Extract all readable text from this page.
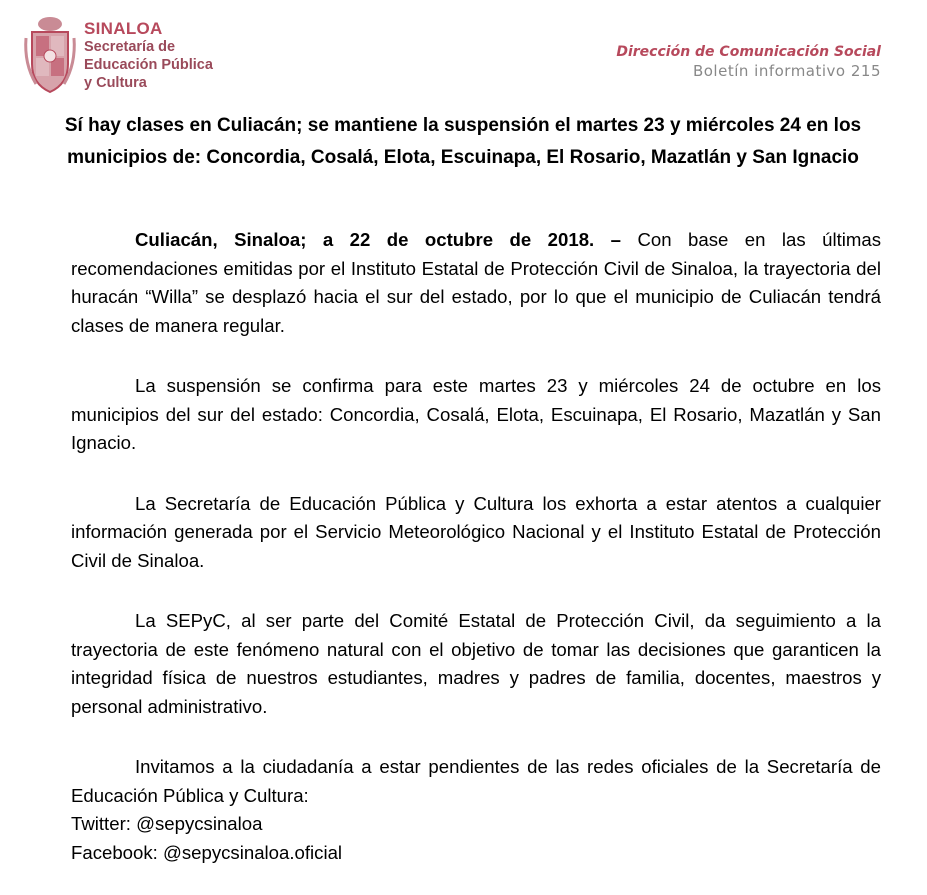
SINALOA
Secretaría de
Educación Pública
y Cultura
Dirección de Comunicación Social
Boletín informativo 215
Sí hay clases en Culiacán; se mantiene la suspensión el martes 23 y miércoles 24 en los municipios de: Concordia, Cosalá, Elota, Escuinapa, El Rosario, Mazatlán y San Ignacio

Culiacán, Sinaloa; a 22 de octubre de 2018. – Con base en las últimas recomendaciones emitidas por el Instituto Estatal de Protección Civil de Sinaloa, la trayectoria del huracán “Willa” se desplazó hacia el sur del estado, por lo que el municipio de Culiacán tendrá clases de manera regular.

La suspensión se confirma para este martes 23 y miércoles 24 de octubre en los municipios del sur del estado: Concordia, Cosalá, Elota, Escuinapa, El Rosario, Mazatlán y San Ignacio.

La Secretaría de Educación Pública y Cultura los exhorta a estar atentos a cualquier información generada por el Servicio Meteorológico Nacional y el Instituto Estatal de Protección Civil de Sinaloa.

La SEPyC, al ser parte del Comité Estatal de Protección Civil, da seguimiento a la trayectoria de este fenómeno natural con el objetivo de tomar las decisiones que garanticen la integridad física de nuestros estudiantes, madres y padres de familia, docentes, maestros y personal administrativo.

Invitamos a la ciudadanía a estar pendientes de las redes oficiales de la Secretaría de Educación Pública y Cultura:

Twitter: @sepycsinaloa
Facebook: @sepycsinaloa.oficial
